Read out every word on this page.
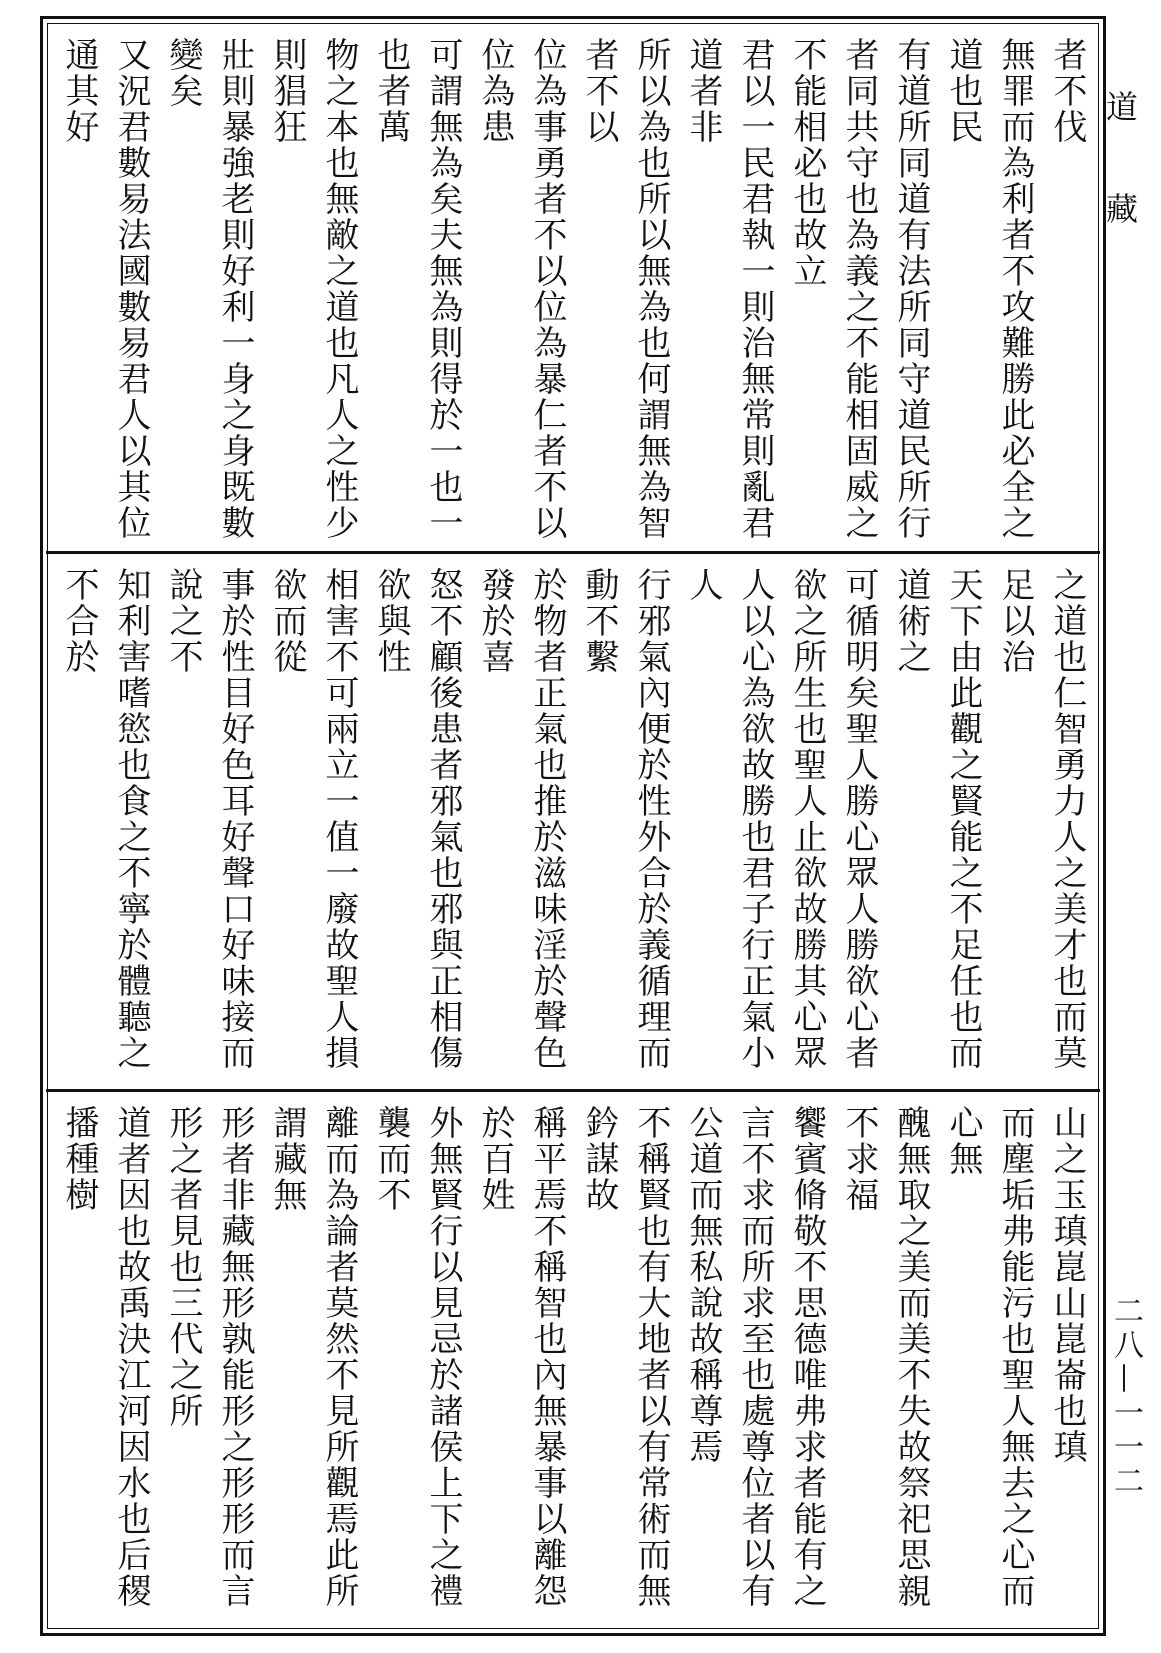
者不伐
無罪而為利者不攻難勝此必全之道也民
有道所同道有法所同守道民所行者同共守也為義之不能相固威之不能相必也故立
君以一民君執一則治無常則亂君道者非
所以為也所以無為也何謂無為智者不以
位為事勇者不以位為暴仁者不以位為患
可謂無為矣夫無為則得於一也一也者萬
物之本也無敵之道也凡人之性少則猖狂
壯則暴強老則好利一身之身既數變矣
又況君數易法國數易君人以其位通其好

之道也仁智勇力人之美才也而莫足以治
天下由此觀之賢能之不足任也而道術之
可循明矣聖人勝心眾人勝欲心者欲之所生也聖人止欲故勝其心眾人以心為欲故勝也君子行正氣小人
行邪氣內便於性外合於義循理而動不繫
於物者正氣也推於滋味淫於聲色發於喜
怒不顧後患者邪氣也邪與正相傷欲與性
相害不可兩立一值一廢故聖人損欲而從
事於性目好色耳好聲口好味接而說之不
知利害嗜慾也食之不寧於體聽之不合於

山之玉瑱崑山崑崙也瑱
而塵垢弗能污也聖人無去之心而心無
醜無取之美而美不失故祭祀思親不求福
饗賓脩敬不思德唯弗求者能有之言不求而所求至也處尊位者以有公道而無私說故稱尊焉
不稱賢也有大地者以有常術而無鈐謀故
稱平焉不稱智也內無暴事以離怨於百姓
外無賢行以見忌於諸侯上下之禮襲而不
離而為論者莫然不見所觀焉此所謂藏無
形者非藏無形孰能形之形形而言形之者見也三代之所
道者因也故禹決江河因水也后稷播種樹

道藏
二八—一一二
